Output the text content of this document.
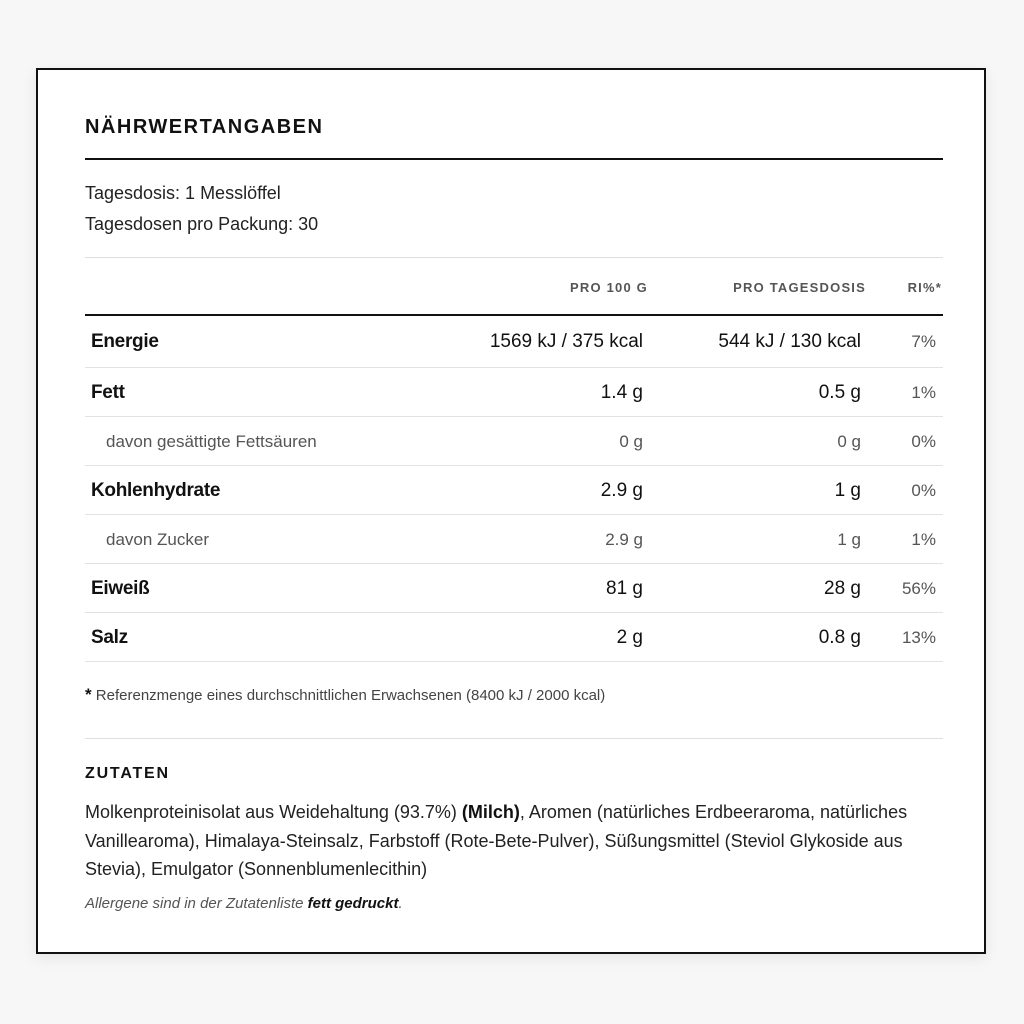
NÄHRWERTANGABEN
Tagesdosis: 1 Messlöffel
Tagesdosen pro Packung: 30
PRO 100 G	PRO TAGESDOSIS	RI%*
Energie	1569 kJ / 375 kcal	544 kJ / 130 kcal	7%
Fett	1.4 g	0.5 g	1%
davon gesättigte Fettsäuren	0 g	0 g	0%
Kohlenhydrate	2.9 g	1 g	0%
davon Zucker	2.9 g	1 g	1%
Eiweiß	81 g	28 g 56%
Salz	2 g	0.8 g 13%
* Referenzmenge eines durchschnittlichen Erwachsenen (8400 kJ / 2000 kcal)
ZUTATEN
Molkenproteinisolat aus Weidehaltung (93.7%) (Milch), Aromen (natürliches Erdbeeraroma, natürliches Vanillearoma), Himalaya-Steinsalz, Farbstoff (Rote-Bete-Pulver), Süßungsmittel (Steviol Glykoside aus Stevia), Emulgator (Sonnenblumenlecithin)
Allergene sind in der Zutatenliste fett gedruckt.
